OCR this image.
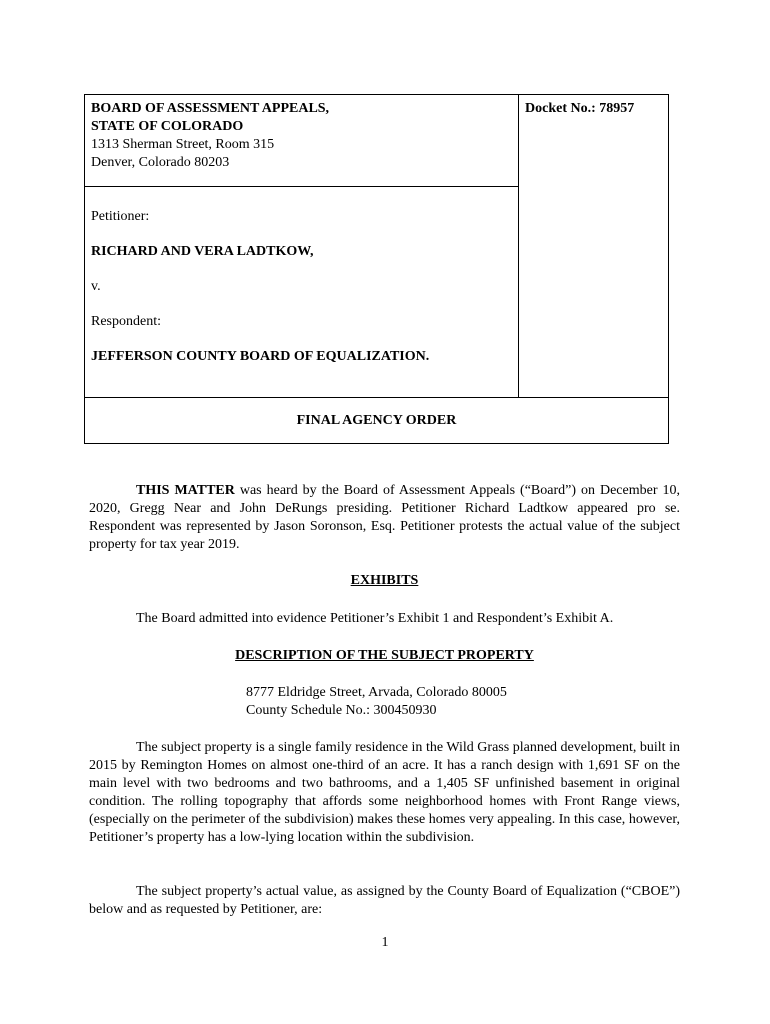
BOARD OF ASSESSMENT APPEALS,
STATE OF COLORADO
1313 Sherman Street, Room 315
Denver, Colorado 80203
Petitioner:
RICHARD AND VERA LADTKOW,
v.
Respondent:
JEFFERSON COUNTY BOARD OF EQUALIZATION.
Docket No.: 78957
FINAL AGENCY ORDER

THIS MATTER was heard by the Board of Assessment Appeals (“Board”) on December 10, 2020, Gregg Near and John DeRungs presiding. Petitioner Richard Ladtkow appeared pro se. Respondent was represented by Jason Soronson, Esq. Petitioner protests the actual value of the subject property for tax year 2019.

EXHIBITS

The Board admitted into evidence Petitioner’s Exhibit 1 and Respondent’s Exhibit A.

DESCRIPTION OF THE SUBJECT PROPERTY
8777 Eldridge Street, Arvada, Colorado 80005
County Schedule No.: 300450930

The subject property is a single family residence in the Wild Grass planned development, built in 2015 by Remington Homes on almost one-third of an acre. It has a ranch design with 1,691 SF on the main level with two bedrooms and two bathrooms, and a 1,405 SF unfinished basement in original condition. The rolling topography that affords some neighborhood homes with Front Range views, (especially on the perimeter of the subdivision) makes these homes very appealing. In this case, however, Petitioner’s property has a low-lying location within the subdivision.

The subject property’s actual value, as assigned by the County Board of Equalization (“CBOE”) below and as requested by Petitioner, are:

1
